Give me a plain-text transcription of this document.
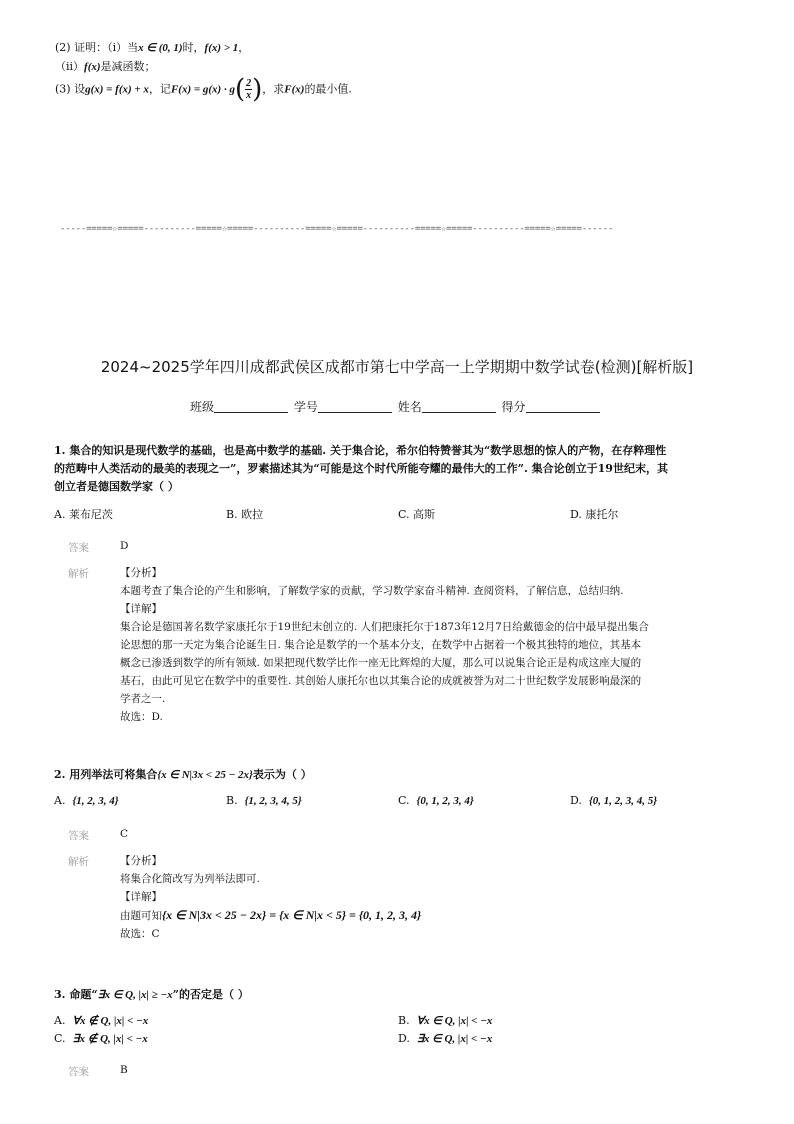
(2) 证明：（i）当x ∈ (0, 1)时，f(x) > 1，
（ii）f(x)是减函数；
(3) 设g(x) = f(x) + x，记$F(x) = g(x) \cdot g( \frac{2}{x}$ )，求F(x)的最小值.
-----=====☆=====----------=====☆=====----------=====☆=====----------=====☆=====----------=====☆=====------
2024~2025学年四川成都武侯区成都市第七中学高一上学期期中数学试卷(检测)[解析版]
班级	学号	姓名	得分
1. 集合的知识是现代数学的基础，也是高中数学的基础. 关于集合论，希尔伯特赞誉其为“数学思想的惊人的产物，在存粹理性
的范畴中人类活动的最美的表现之一”，罗素描述其为“可能是这个时代所能夸耀的最伟大的工作”. 集合论创立于19世纪末，其
创立者是德国数学家（ ）
A. 莱布尼茨	B. 欧拉	C. 高斯	D. 康托尔
答案	D
解析	【分析】

本题考查了集合论的产生和影响，了解数学家的贡献，学习数学家奋斗精神. 查阅资料，了解信息，总结归纳.

【详解】

集合论是德国著名数学家康托尔于19世纪末创立的. 人们把康托尔于1873年12月7日给戴德金的信中最早提出集合

论思想的那一天定为集合论诞生日. 集合论是数学的一个基本分支，在数学中占据着一个极其独特的地位，其基本

概念已渗透到数学的所有领域. 如果把现代数学比作一座无比辉煌的大厦，那么可以说集合论正是构成这座大厦的

基石，由此可见它在数学中的重要性. 其创始人康托尔也以其集合论的成就被誉为对二十世纪数学发展影响最深的

学者之一.

故选：D.

2. 用列举法可将集合{x ∈ N|3x < 25 − 2x}表示为（ ）
A. {1, 2, 3, 4}	B. {1, 2, 3, 4, 5}	C. {0, 1, 2, 3, 4}	D. {0, 1, 2, 3, 4, 5}
答案	C
解析	【分析】

将集合化简改写为列举法即可.

【详解】

由题可知{x ∈ N|3x < 25 − 2x} = {x ∈ N|x < 5} = {0, 1, 2, 3, 4}

故选：C

3. 命题“∃x ∈ Q, |x| ≥ −x”的否定是（ ）
A. ∀x ∉ Q, |x| < −x	B. ∀x ∈ Q, |x| < −x
C. ∃x ∉ Q, |x| < −x	D. ∃x ∈ Q, |x| < −x
答案	B
